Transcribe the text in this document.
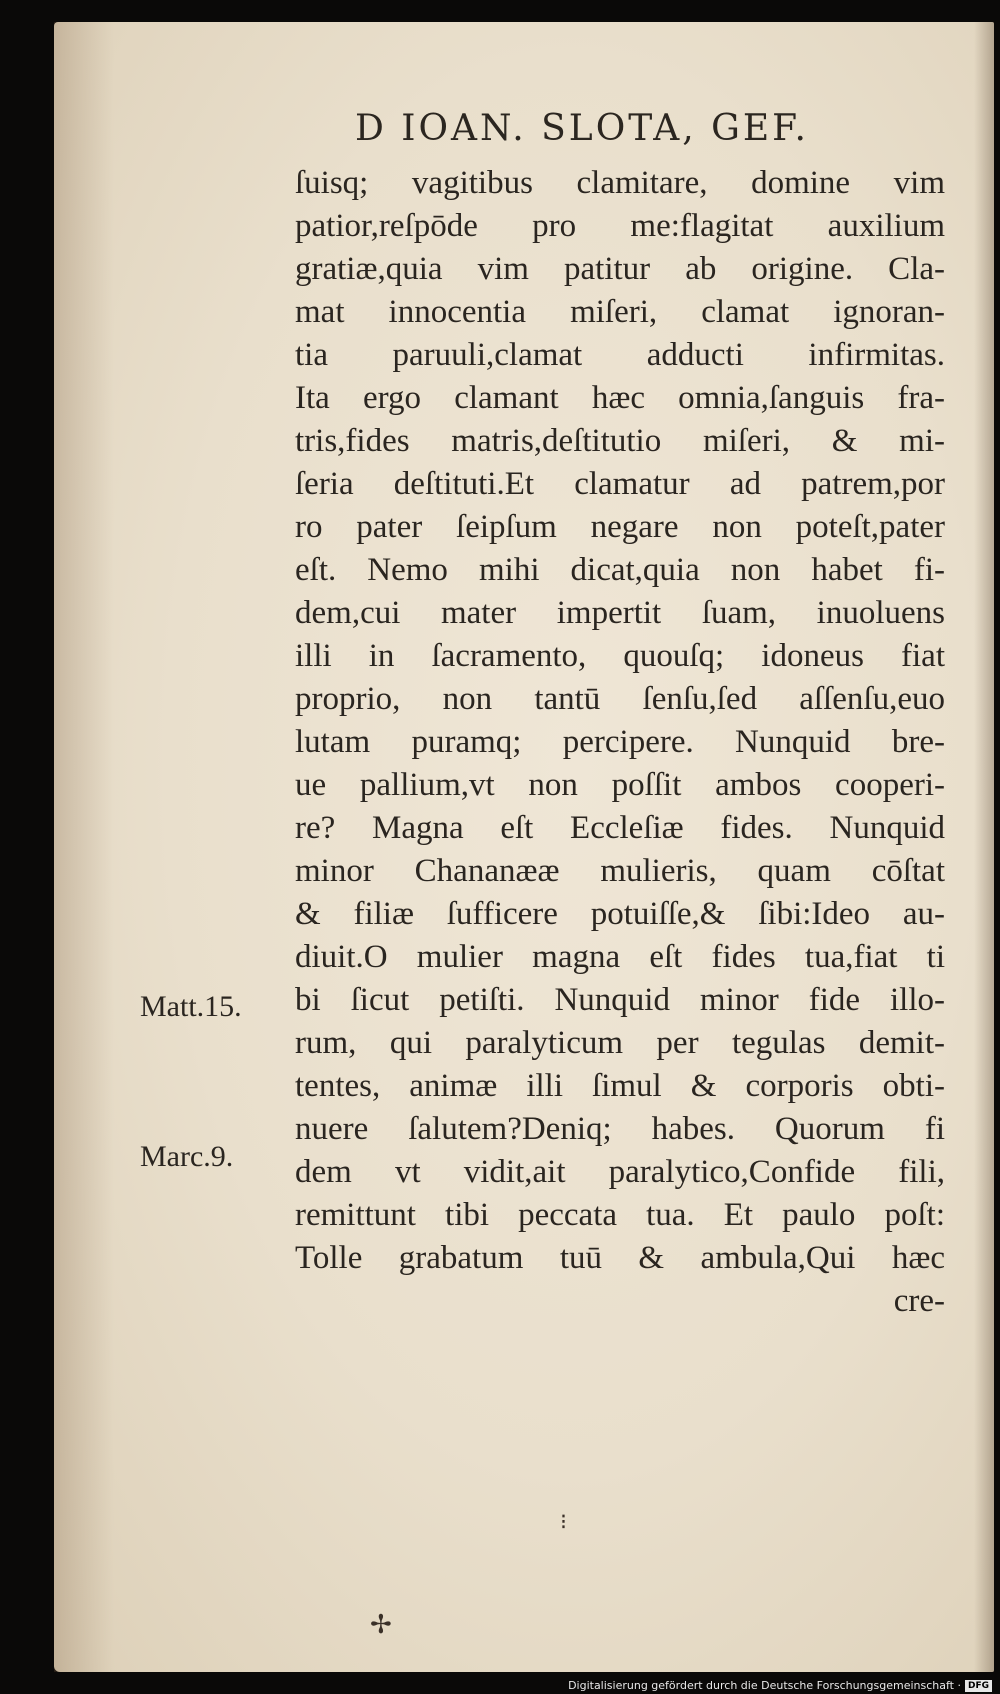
D IOAN. SLOTA, GEF.
ſuisq; vagitibus clamitare, domine vim
patior,reſpōde pro me:flagitat auxilium
gratiæ,quia vim patitur ab origine. Cla-
mat innocentia miſeri, clamat ignoran-
tia paruuli,clamat adducti infirmitas.
Ita ergo clamant hæc omnia,ſanguis fra-
tris,fides matris,deſtitutio miſeri, & mi-
ſeria deſtituti.Et clamatur ad patrem,por
ro pater ſeipſum negare non poteſt,pater
eſt. Nemo mihi dicat,quia non habet fi-
dem,cui mater impertit ſuam, inuoluens
illi in ſacramento, quouſq; idoneus fiat
proprio, non tantū ſenſu,ſed aſſenſu,euo
lutam puramq; percipere. Nunquid bre-
ue pallium,vt non poſſit ambos cooperi-
re? Magna eſt Eccleſiæ fides. Nunquid
minor Chananææ mulieris, quam cōſtat
& filiæ ſufficere potuiſſe,& ſibi:Ideo au-
diuit.O mulier magna eſt fides tua,fiat ti
bi ſicut petiſti. Nunquid minor fide illo-
rum, qui paralyticum per tegulas demit-
tentes, animæ illi ſimul & corporis obti-
nuere ſalutem?Deniq; habes. Quorum fi
dem vt vidit,ait paralytico,Confide fili,
remittunt tibi peccata tua. Et paulo poſt:
Tolle grabatum tuū & ambula,Qui hæc
cre-
Matt.15.
Marc.9.
⁝
✢
Digitalisierung gefördert durch die Deutsche Forschungsgemeinschaft · DFG
